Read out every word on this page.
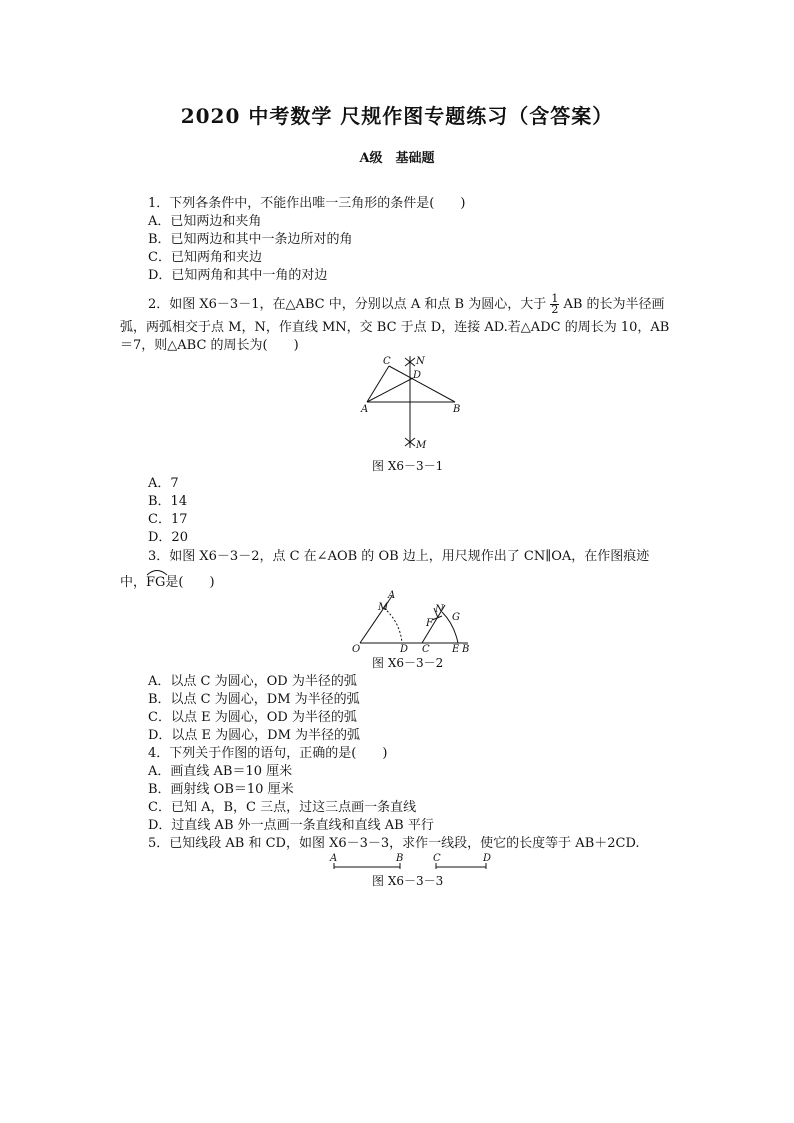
2020 中考数学 尺规作图专题练习（含答案）
A级　基础题
1．下列各条件中，不能作出唯一三角形的条件是(　　)
A．已知两边和夹角
B．已知两边和其中一条边所对的角
C．已知两角和夹边
D．已知两角和其中一角的对边
2．如图 X6－3－1，在△ABC 中，分别以点 A 和点 B 为圆心，大于 $\frac{1}{2}$ AB 的长为半径画
弧，两弧相交于点 M，N，作直线 MN，交 BC 于点 D，连接 AD.若△ADC 的周长为 10，AB
＝7，则△ABC 的周长为(　　)
C	N
D
A	B
M
图 X6－3－1
A．7
B．14
C．17
D．20
3．如图 X6－3－2，点 C 在∠AOB 的 OB 边上，用尺规作出了 CN∥OA，在作图痕迹
中，
FG是(　　)
A
M	N
F
G
O	D C E B
图 X6－3－2
A．以点 C 为圆心，OD 为半径的弧
B．以点 C 为圆心，DM 为半径的弧
C．以点 E 为圆心，OD 为半径的弧
D．以点 E 为圆心，DM 为半径的弧
4．下列关于作图的语句，正确的是(　　)
A．画直线 AB＝10 厘米
B．画射线 OB＝10 厘米
C．已知 A，B，C 三点，过这三点画一条直线
D．过直线 AB 外一点画一条直线和直线 AB 平行
5．已知线段 AB 和 CD，如图 X6－3－3，求作一线段，使它的长度等于 AB＋2CD.
A	B	C	D
图 X6－3－3
